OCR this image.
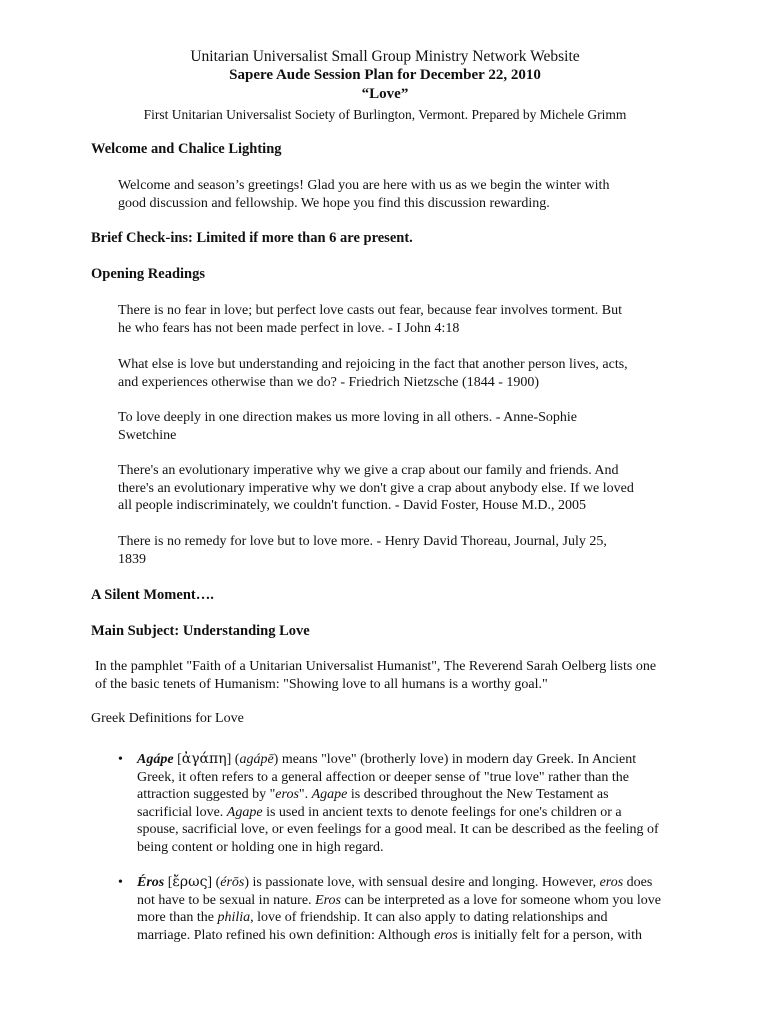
Unitarian Universalist Small Group Ministry Network Website
Sapere Aude Session Plan for December 22, 2010
“Love”
First Unitarian Universalist Society of Burlington, Vermont. Prepared by Michele Grimm
Welcome and Chalice Lighting

Welcome and season’s greetings! Glad you are here with us as we begin the winter with

good discussion and fellowship. We hope you find this discussion rewarding.

Brief Check-ins: Limited if more than 6 are present.
Opening Readings

There is no fear in love; but perfect love casts out fear, because fear involves torment. But

he who fears has not been made perfect in love. - I John 4:18

What else is love but understanding and rejoicing in the fact that another person lives, acts,

and experiences otherwise than we do? - Friedrich Nietzsche (1844 - 1900)

To love deeply in one direction makes us more loving in all others. - Anne-Sophie

Swetchine

There's an evolutionary imperative why we give a crap about our family and friends. And

there's an evolutionary imperative why we don't give a crap about anybody else. If we loved

all people indiscriminately, we couldn't function. - David Foster, House M.D., 2005

There is no remedy for love but to love more. - Henry David Thoreau, Journal, July 25,

1839

A Silent Moment….
Main Subject: Understanding Love

In the pamphlet "Faith of a Unitarian Universalist Humanist", The Reverend Sarah Oelberg lists one

of the basic tenets of Humanism: "Showing love to all humans is a worthy goal."

Greek Definitions for Love
• Agápe [ἀγάπη] (agápē) means "love" (brotherly love) in modern day Greek. In Ancient
Greek, it often refers to a general affection or deeper sense of "true love" rather than the
attraction suggested by "eros". Agape is described throughout the New Testament as
sacrificial love. Agape is used in ancient texts to denote feelings for one's children or a
spouse, sacrificial love, or even feelings for a good meal. It can be described as the feeling of
being content or holding one in high regard.
• Éros [ἔρως] (érōs) is passionate love, with sensual desire and longing. However, eros does
not have to be sexual in nature. Eros can be interpreted as a love for someone whom you love
more than the philia, love of friendship. It can also apply to dating relationships and
marriage. Plato refined his own definition: Although eros is initially felt for a person, with
